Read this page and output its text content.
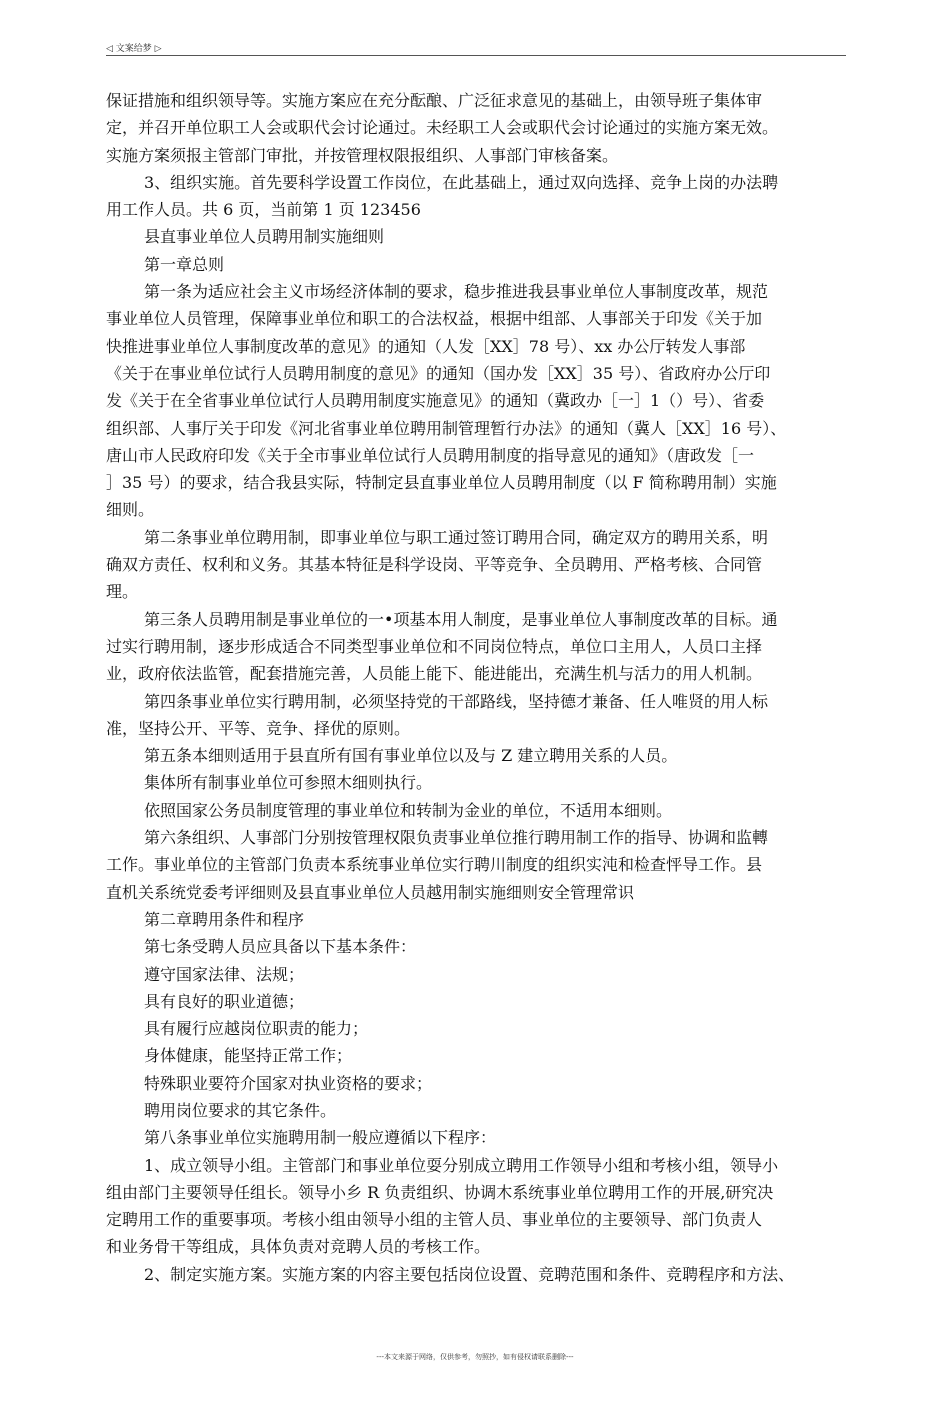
◁ 文案给梦 ▷
保证措施和组织领导等。实施方案应在充分酝酿、广泛征求意见的基础上，由领导班子集体审
定，并召开单位职工人会或职代会讨论通过。未经职工人会或职代会讨论通过的实施方案无效。
实施方案须报主管部门审批，并按管理权限报组织、人事部门审核备案。
3、组织实施。首先要科学设置工作岗位，在此基础上，通过双向选择、竞争上岗的办法聘
用工作人员。共 6 页，当前第 1 页 123456
县直事业单位人员聘用制实施细则
第一章总则
第一条为适应社会主义市场经济体制的要求，稳步推进我县事业单位人事制度改革，规范
事业单位人员管理，保障事业单位和职工的合法权益，根据中组部、人事部关于印发《关于加
快推进事业单位人事制度改革的意见》的通知（人发［XX］78 号）、xx 办公厅转发人事部
《关于在事业单位试行人员聘用制度的意见》的通知（国办发［XX］35 号）、省政府办公厅印
发《关于在全省事业单位试行人员聘用制度实施意见》的通知（冀政办［一］1（）号）、省委
组织部、人事厅关于印发《河北省事业单位聘用制管理暂行办法》的通知（冀人［XX］16 号）、
唐山市人民政府印发《关于全市事业单位试行人员聘用制度的指导意见的通知》（唐政发［一
］35 号）的要求，结合我县实际，特制定县直事业单位人员聘用制度（以 F 简称聘用制）实施
细则。
第二条事业单位聘用制，即事业单位与职工通过签订聘用合同，确定双方的聘用关系，明
确双方责任、权利和义务。其基本特征是科学设岗、平等竞争、全员聘用、严格考核、合同管
理。
第三条人员聘用制是事业单位的一•项基本用人制度，是事业单位人事制度改革的目标。通
过实行聘用制，逐步形成适合不同类型事业单位和不同岗位特点，单位口主用人，人员口主择
业，政府依法监管，配套措施完善，人员能上能下、能进能出，充满生机与活力的用人机制。
第四条事业单位实行聘用制，必须坚持党的干部路线，坚持德才兼备、任人唯贤的用人标
准，坚持公开、平等、竞争、择优的原则。
第五条本细则适用于县直所有国有事业单位以及与 Z 建立聘用关系的人员。
集体所有制事业单位可参照木细则执行。
依照国家公务员制度管理的事业单位和转制为金业的单位，不适用本细则。
第六条组织、人事部门分别按管理权限负责事业单位推行聘用制工作的指导、协调和监轉
工作。事业单位的主管部门负责本系统事业单位实行聘川制度的组织实沌和检查怦导工作。县
直机关系统党委考评细则及县直事业单位人员越用制实施细则安全管理常识
第二章聘用条件和程序
第七条受聘人员应具备以下基本条件：
遵守国家法律、法规；
具有良好的职业道德；
具有履行应越岗位职责的能力；
身体健康，能坚持正常工作；
特殊职业要符介国家对执业资格的要求；
聘用岗位要求的其它条件。
第八条事业单位实施聘用制一般应遵循以下程序：
1、成立领导小组。主管部门和事业单位耍分别成立聘用工作领导小组和考核小组，领导小
组由部门主要领导任组长。领导小乡 R 负责组织、协调木系统事业单位聘用工作的开展,研究决
定聘用工作的重要事项。考核小组由领导小组的主管人员、事业单位的主要领导、部门负责人
和业务骨干等组成，具体负责对竞聘人员的考核工作。
2、制定实施方案。实施方案的内容主要包括岗位设置、竞聘范围和条件、竞聘程序和方法、
---本文来源于网络，仅供参考，勿照抄，如有侵权请联系删除---
